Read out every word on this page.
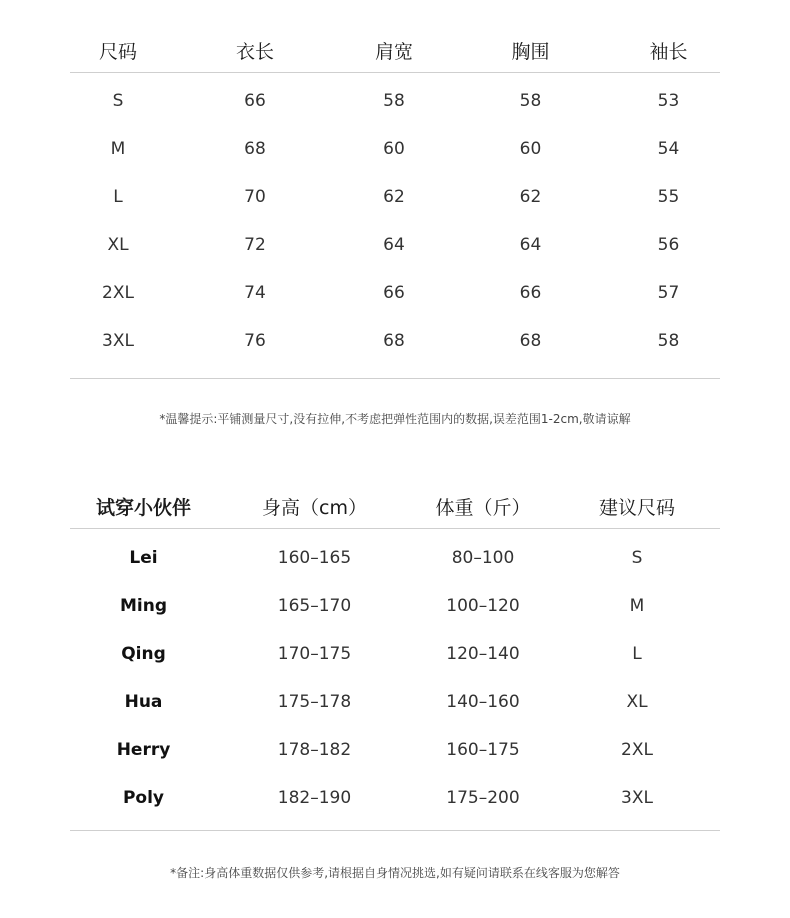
尺码	衣长	肩宽	胸围	袖长
S	66	58	58	53
M	68	60	60	54
L	70	62	62	55
XL	72	64	64	56
2XL	74	66	66	57
3XL	76	68	68	58
*温馨提示:平铺测量尺寸,没有拉伸,不考虑把弹性范围内的数据,误差范围1-2cm,敬请谅解
试穿小伙伴	身高（cm）	体重（斤）	建议尺码
Lei	160–165	80–100	S
Ming	165–170	100–120	M
Qing	170–175	120–140	L
Hua	175–178	140–160	XL
Herry	178–182	160–175	2XL
Poly	182–190	175–200	3XL
*备注:身高体重数据仅供参考,请根据自身情况挑选,如有疑问请联系在线客服为您解答
